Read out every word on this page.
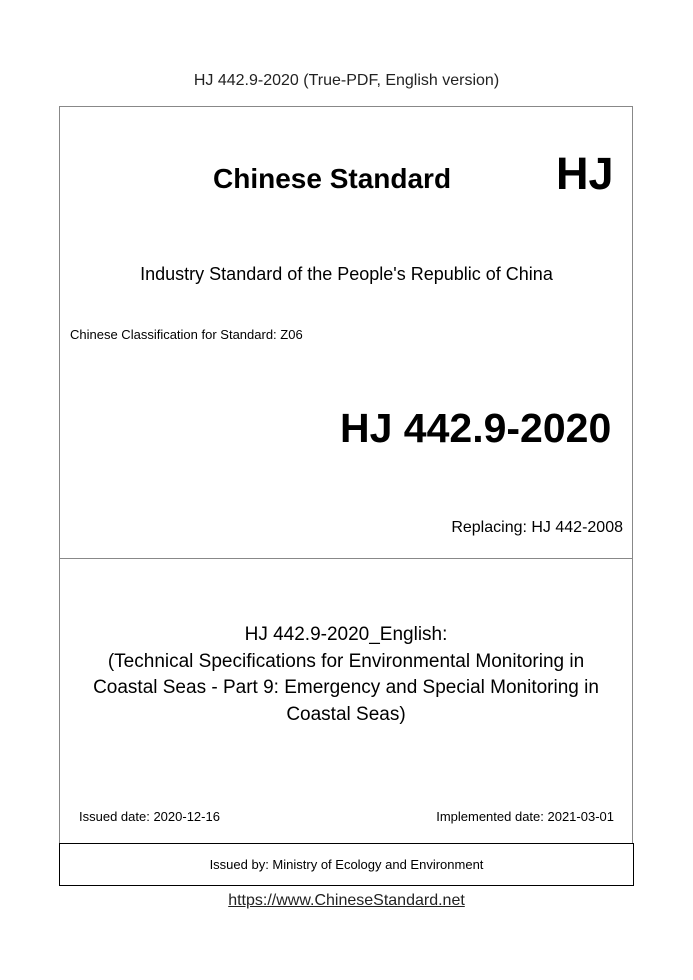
HJ 442.9-2020 (True-PDF, English version)
Issued by: Ministry of Ecology and Environment
Chinese Standard HJ
Industry Standard of the People's Republic of China
Chinese Classification for Standard: Z06
HJ 442.9-2020
Replacing: HJ 442-2008
HJ 442.9-2020_English:
(Technical Specifications for Environmental Monitoring in
Coastal Seas - Part 9: Emergency and Special Monitoring in
Coastal Seas)
Issued date: 2020-12-16	Implemented date: 2021-03-01
https://www.ChineseStandard.net
